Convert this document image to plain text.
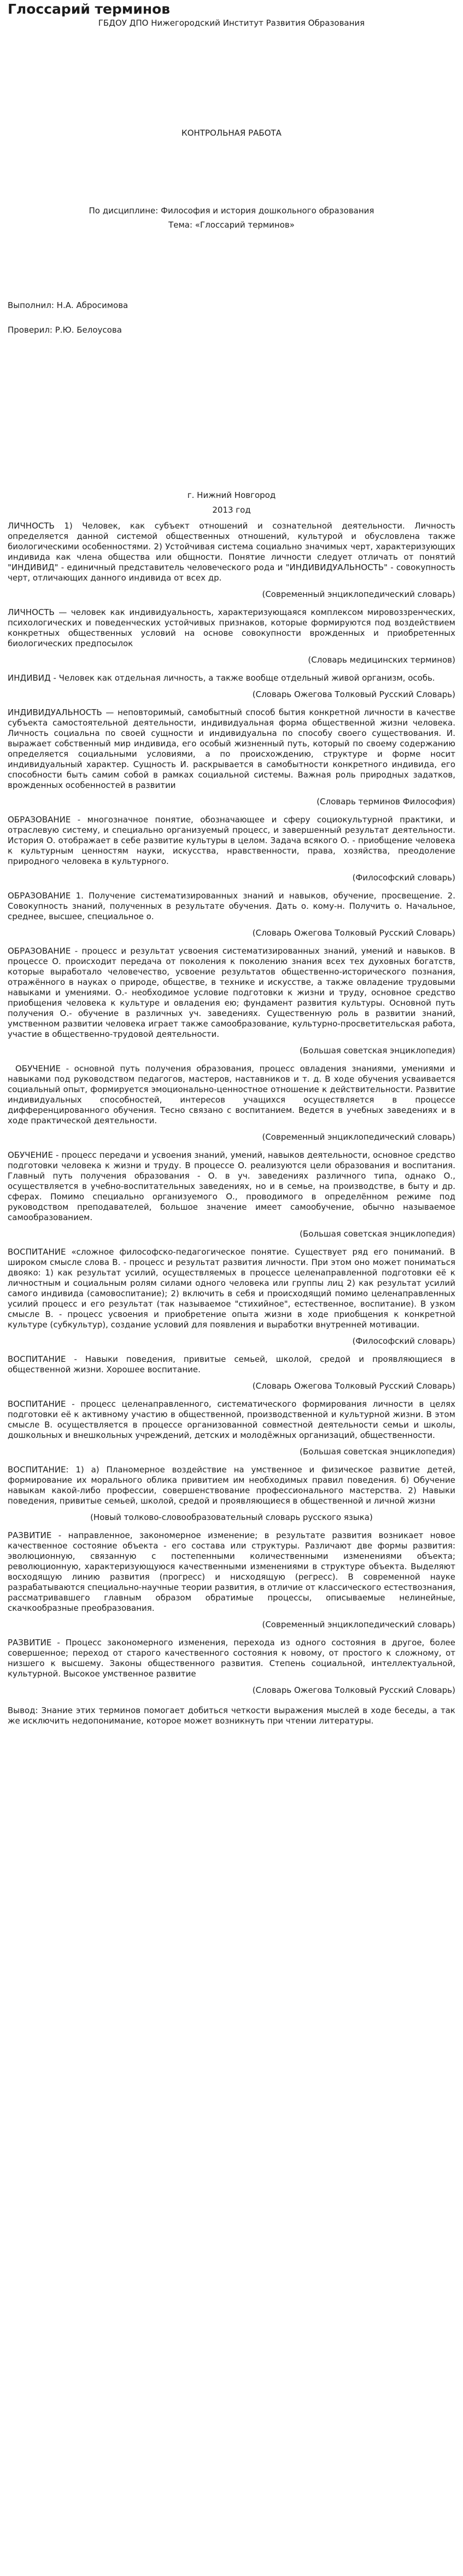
Глоссарий терминов

ГБДОУ ДПО Нижегородский Институт Развития Образования

КОНТРОЛЬНАЯ РАБОТА

По дисциплине: Философия и история дошкольного образования

Тема: «Глоссарий терминов»

Выполнил: Н.А. Абросимова

Проверил: Р.Ю. Белоусова

г. Нижний Новгород

2013 год

ЛИЧНОСТЬ 1) Человек, как субъект отношений и сознательной деятельности. Личность определяется данной системой общественных отношений, культурой и обусловлена также биологическими особенностями. 2) Устойчивая система социально значимых черт, характеризующих индивида как члена общества или общности. Понятие личности следует отличать от понятий "ИНДИВИД" - единичный представитель человеческого рода и "ИНДИВИДУАЛЬНОСТЬ" - совокупность черт, отличающих данного индивида от всех др.

(Современный энциклопедический словарь)

ЛИЧНОСТЬ — человек как индивидуальность, характеризующаяся комплексом мировоззренческих, психологических и поведенческих устойчивых признаков, которые формируются под воздействием конкретных общественных условий на основе совокупности врожденных и приобретенных биологических предпосылок

(Словарь медицинских терминов)

ИНДИВИД - Человек как отдельная личность, а также вообще отдельный живой организм, особь.

(Словарь Ожегова Толковый Русский Словарь)

ИНДИВИДУАЛЬНОСТЬ — неповторимый, самобытный способ бытия конкретной личности в качестве субъекта самостоятельной деятельности, индивидуальная форма общественной жизни человека. Личность социальна по своей сущности и индивидуальна по способу своего существования. И. выражает собственный мир индивида, его особый жизненный путь, который по своему содержанию определяется социальными условиями, а по происхождению, структуре и форме носит индивидуальный характер. Сущность И. раскрывается в самобытности конкретного индивида, его способности быть самим собой в рамках социальной системы. Важная роль природных задатков, врожденных особенностей в развитии

(Словарь терминов Философия)

ОБРАЗОВАНИЕ - многозначное понятие, обозначающее и сферу социокультурной практики, и отраслевую систему, и специально организуемый процесс, и завершенный результат деятельности. История О. отображает в себе развитие культуры в целом. Задача всякого О. - приобщение человека к культурным ценностям науки, искусства, нравственности, права, хозяйства, преодоление природного человека в культурного.

(Философский словарь)

ОБРАЗОВАНИЕ 1. Получение систематизированных знаний и навыков, обучение, просвещение. 2. Совокупность знаний, полученных в результате обучения. Дать о. кому-н. Получить о. Начальное, среднее, высшее, специальное о.

(Словарь Ожегова Толковый Русский Словарь)

ОБРАЗОВАНИЕ - процесс и результат усвоения систематизированных знаний, умений и навыков. В процессе О. происходит передача от поколения к поколению знания всех тех духовных богатств, которые выработало человечество, усвоение результатов общественно-исторического познания, отражённого в науках о природе, обществе, в технике и искусстве, а также овладение трудовыми навыками и умениями. О.- необходимое условие подготовки к жизни и труду, основное средство приобщения человека к культуре и овладения ею; фундамент развития культуры. Основной путь получения О.- обучение в различных уч. заведениях. Существенную роль в развитии знаний, умственном развитии человека играет также самообразование, культурно-просветительская работа, участие в общественно-трудовой деятельности.

(Большая советская энциклопедия)

ОБУЧЕНИЕ - основной путь получения образования, процесс овладения знаниями, умениями и навыками под руководством педагогов, мастеров, наставников и т. д. В ходе обучения усваивается социальный опыт, формируется эмоционально-ценностное отношение к действительности. Развитие индивидуальных способностей, интересов учащихся осуществляется в процессе дифференцированного обучения. Тесно связано с воспитанием. Ведется в учебных заведениях и в ходе практической деятельности.

(Современный энциклопедический словарь)

ОБУЧЕНИЕ - процесс передачи и усвоения знаний, умений, навыков деятельности, основное средство подготовки человека к жизни и труду. В процессе О. реализуются цели образования и воспитания. Главный путь получения образования - О. в уч. заведениях различного типа, однако О., осуществляется в учебно-воспитательных заведениях, но и в семье, на производстве, в быту и др. сферах. Помимо специально организуемого О., проводимого в определённом режиме под руководством преподавателей, большое значение имеет самообучение, обычно называемое самообразованием.

(Большая советская энциклопедия)

ВОСПИТАНИЕ «сложное философско-педагогическое понятие. Существует ряд его пониманий. В широком смысле слова В. - процесс и результат развития личности. При этом оно может пониматься двояко: 1) как результат усилий, осуществляемых в процессе целенаправленной подготовки её к личностным и социальным ролям силами одного человека или группы лиц 2) как результат усилий самого индивида (самовоспитание); 2) включить в себя и происходящий помимо целенаправленных усилий процесс и его результат (так называемое "стихийное", естественное, воспитание). В узком смысле В. - процесс усвоения и приобретение опыта жизни в ходе приобщения к конкретной культуре (субкультур), создание условий для появления и выработки внутренней мотивации.

(Философский словарь)

ВОСПИТАНИЕ - Навыки поведения, привитые семьей, школой, средой и проявляющиеся в общественной жизни. Хорошее воспитание.

(Словарь Ожегова Толковый Русский Словарь)

ВОСПИТАНИЕ - процесс целенаправленного, систематического формирования личности в целях подготовки её к активному участию в общественной, производственной и культурной жизни. В этом смысле В. осуществляется в процессе организованной совместной деятельности семьи и школы, дошкольных и внешкольных учреждений, детских и молодёжных организаций, общественности.

(Большая советская энциклопедия)

ВОСПИТАНИЕ: 1) а) Планомерное воздействие на умственное и физическое развитие детей, формирование их морального облика привитием им необходимых правил поведения. б) Обучение навыкам какой-либо профессии, совершенствование профессионального мастерства. 2) Навыки поведения, привитые семьей, школой, средой и проявляющиеся в общественной и личной жизни

(Новый толково-словообразовательный словарь русского языка)

РАЗВИТИЕ - направленное, закономерное изменение; в результате развития возникает новое качественное состояние объекта - его состава или структуры. Различают две формы развития: эволюционную, связанную с постепенными количественными изменениями объекта; революционную, характеризующуюся качественными изменениями в структуре объекта. Выделяют восходящую линию развития (прогресс) и нисходящую (регресс). В современной науке разрабатываются специально-научные теории развития, в отличие от классического естествознания, рассматривавшего главным образом обратимые процессы, описываемые нелинейные, скачкообразные преобразования.

(Современный энциклопедический словарь)

РАЗВИТИЕ - Процесс закономерного изменения, перехода из одного состояния в другое, более совершенное; переход от старого качественного состояния к новому, от простого к сложному, от низшего к высшему. Законы общественного развития. Степень социальной, интеллектуальной, культурной. Высокое умственное развитие

(Словарь Ожегова Толковый Русский Словарь)

Вывод: Знание этих терминов помогает добиться четкости выражения мыслей в ходе беседы, а так же исключить недопонимание, которое может возникнуть при чтении литературы.
